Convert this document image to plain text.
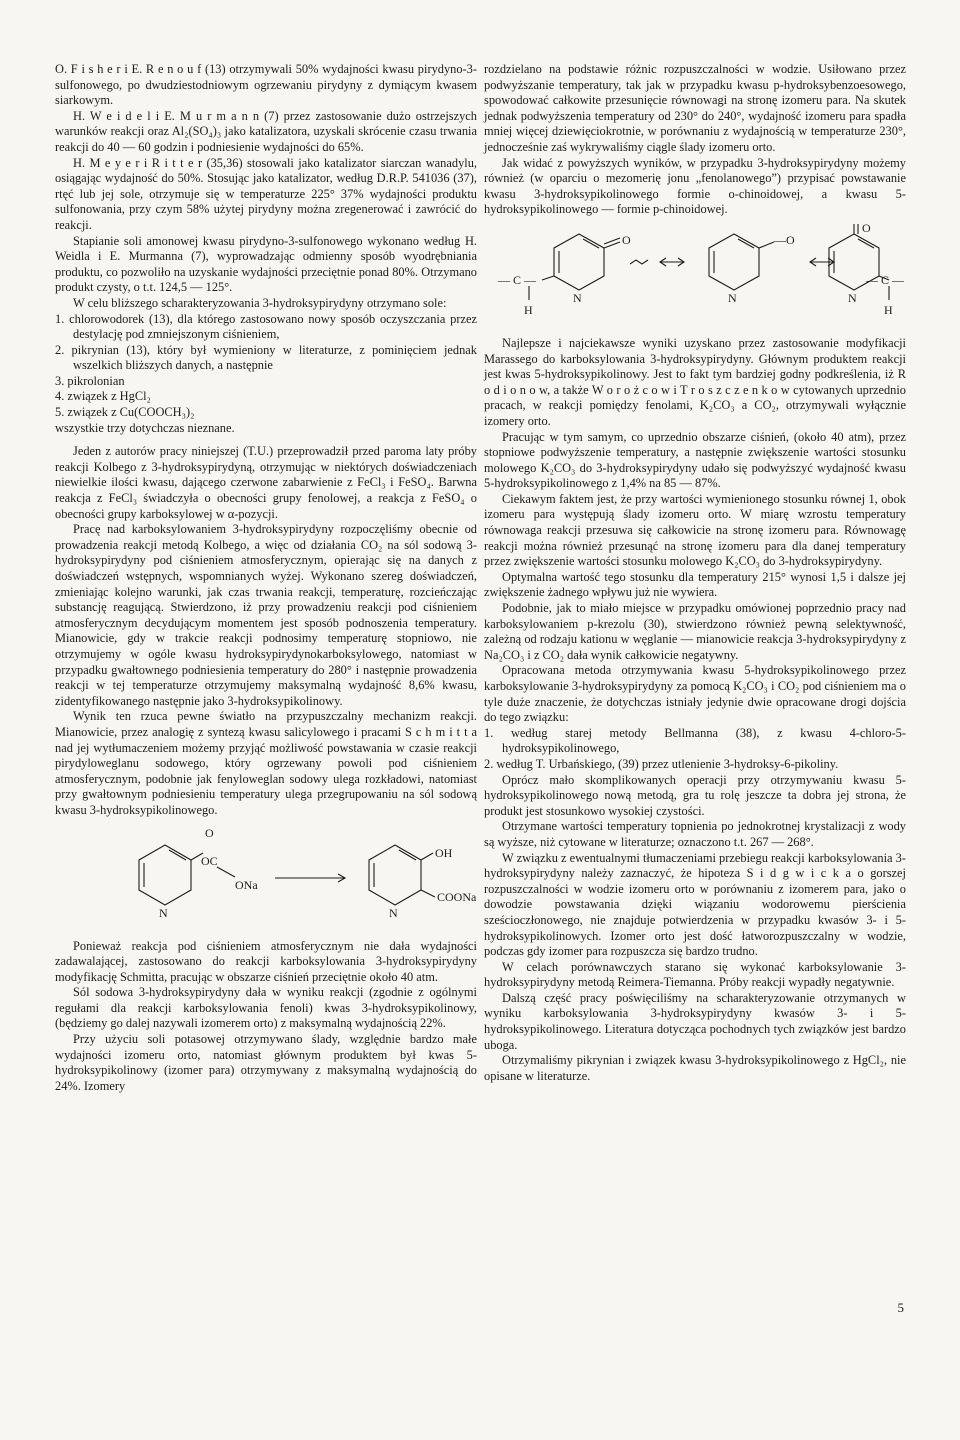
O. F i s h e r i E. R e n o u f (13) otrzymywali 50% wydajności kwasu pirydyno-3-sulfonowego, po dwudziestodniowym ogrzewaniu pirydyny z dymiącym kwasem siarkowym.

H. W e i d e l i E. M u r m a n n (7) przez zastosowanie dużo ostrzejszych warunków reakcji oraz Al₂(SO₄)₃ jako katalizatora, uzyskali skrócenie czasu trwania reakcji do 40 — 60 godzin i podniesienie wydajności do 65%.

H. M e y e r i R i t t e r (35,36) stosowali jako katalizator siarczan wanadylu, osiągając wydajność do 50%. Stosując jako katalizator, według D.R.P. 541036 (37), rtęć lub jej sole, otrzymuje się w temperaturze 225° 37% wydajności produktu sulfonowania, przy czym 58% użytej pirydyny można zregenerować i zawrócić do reakcji.

Stapianie soli amonowej kwasu pirydyno-3-sulfonowego wykonano według H. Weidla i E. Murmanna (7), wyprowadzając odmienny sposób wyodrębniania produktu, co pozwoliło na uzyskanie wydajności przeciętnie ponad 80%. Otrzymano produkt czysty, o t.t. 124,5 — 125°.

W celu bliższego scharakteryzowania 3-hydroksypirydyny otrzymano sole:

1. chlorowodorek (13), dla którego zastosowano nowy sposób oczyszczania przez destylację pod zmniejszonym ciśnieniem,

2. pikrynian (13), który był wymieniony w literaturze, z pominięciem jednak wszelkich bliższych danych, a następnie

3. pikrolonian

4. związek z HgCl₂

5. związek z Cu(COOCH₃)₂

wszystkie trzy dotychczas nieznane.

Jeden z autorów pracy niniejszej (T.U.) przeprowadził przed paroma laty próby reakcji Kolbego z 3-hydroksypirydyną, otrzymując w niektórych doświadczeniach niewielkie ilości kwasu, dającego czerwone zabarwienie z FeCl₃ i FeSO₄. Barwna reakcja z FeCl₃ świadczyła o obecności grupy fenolowej, a reakcja z FeSO₄ o obecności grupy karboksylowej w α-pozycji.

Pracę nad karboksylowaniem 3-hydroksypirydyny rozpoczęliśmy obecnie od prowadzenia reakcji metodą Kolbego, a więc od działania CO₂ na sól sodową 3-hydroksypirydyny pod ciśnieniem atmosferycznym, opierając się na danych z doświadczeń wstępnych, wspomnianych wyżej. Wykonano szereg doświadczeń, zmieniając kolejno warunki, jak czas trwania reakcji, temperaturę, rozcieńczając substancję reagującą. Stwierdzono, iż przy prowadzeniu reakcji pod ciśnieniem atmosferycznym decydującym momentem jest sposób podnoszenia temperatury. Mianowicie, gdy w trakcie reakcji podnosimy temperaturę stopniowo, nie otrzymujemy w ogóle kwasu hydroksypirydynokarboksylowego, natomiast w przypadku gwałtownego podniesienia temperatury do 280° i następnie prowadzenia reakcji w tej temperaturze otrzymujemy maksymalną wydajność 8,6% kwasu, zidentyfikowanego następnie jako 3-hydroksypikolinowy.

Wynik ten rzuca pewne światło na przypuszczalny mechanizm reakcji. Mianowicie, przez analogię z syntezą kwasu salicylowego i pracami S c h m i t t a nad jej wytłumaczeniem możemy przyjąć możliwość powstawania w czasie reakcji pirydyloweglanu sodowego, który ogrzewany powoli pod ciśnieniem atmosferycznym, podobnie jak fenyloweglan sodowy ulega rozkładowi, natomiast przy gwałtownym podniesieniu temperatury ulega przegrupowaniu na sól sodową kwasu 3-hydroksypikolinowego.

O
OC
ONa
N
OH
COONa
N

Ponieważ reakcja pod ciśnieniem atmosferycznym nie dała wydajności zadawalającej, zastosowano do reakcji karboksylowania 3-hydroksypirydyny modyfikację Schmitta, pracując w obszarze ciśnień przeciętnie około 40 atm.

Sól sodowa 3-hydroksypirydyny dała w wyniku reakcji (zgodnie z ogólnymi regułami dla reakcji karboksylowania fenoli) kwas 3-hydroksypikolinowy, (będziemy go dalej nazywali izomerem orto) z maksymalną wydajnością 22%.

Przy użyciu soli potasowej otrzymywano ślady, względnie bardzo małe wydajności izomeru orto, natomiast głównym produktem był kwas 5-hydroksypikolinowy (izomer para) otrzymywany z maksymalną wydajnością do 24%. Izomery

rozdzielano na podstawie różnic rozpuszczalności w wodzie. Usiłowano przez podwyższanie temperatury, tak jak w przypadku kwasu p-hydroksybenzoesowego, spowodować całkowite przesunięcie równowagi na stronę izomeru para. Na skutek jednak podwyższenia temperatury od 230° do 240°, wydajność izomeru para spadła mniej więcej dziewięciokrotnie, w porównaniu z wydajnością w temperaturze 230°, jednocześnie zaś wykrywaliśmy ciągle ślady izomeru orto.

Jak widać z powyższych wyników, w przypadku 3-hydroksypirydyny możemy również (w oparciu o mezomerię jonu „fenolanowego”) przypisać powstawanie kwasu 3-hydroksypikolinowego formie o-chinoidowej, a kwasu 5-hydroksypikolinowego — formie p-chinoidowej.

O	—O
O
— C —	— C —
H	H
N	N	N

Najlepsze i najciekawsze wyniki uzyskano przez zastosowanie modyfikacji Marassego do karboksylowania 3-hydroksypirydyny. Głównym produktem reakcji jest kwas 5-hydroksypikolinowy. Jest to fakt tym bardziej godny podkreślenia, iż R o d i o n o w, a także W o r o ż c o w i T r o s z c z e n k o w cytowanych uprzednio pracach, w reakcji pomiędzy fenolami, K₂CO₃ a CO₂, otrzymywali wyłącznie izomery orto.

Pracując w tym samym, co uprzednio obszarze ciśnień, (około 40 atm), przez stopniowe podwyższenie temperatury, a następnie zwiększenie wartości stosunku molowego K₂CO₃ do 3-hydroksypirydyny udało się podwyższyć wydajność kwasu 5-hydroksypikolinowego z 1,4% na 85 — 87%.

Ciekawym faktem jest, że przy wartości wymienionego stosunku równej 1, obok izomeru para występują ślady izomeru orto. W miarę wzrostu temperatury równowaga reakcji przesuwa się całkowicie na stronę izomeru para. Równowagę reakcji można również przesunąć na stronę izomeru para dla danej temperatury przez zwiększenie wartości stosunku molowego K₂CO₃ do 3-hydroksypirydyny.

Optymalna wartość tego stosunku dla temperatury 215° wynosi 1,5 i dalsze jej zwiększenie żadnego wpływu już nie wywiera.

Podobnie, jak to miało miejsce w przypadku omówionej poprzednio pracy nad karboksylowaniem p-krezolu (30), stwierdzono również pewną selektywność, zależną od rodzaju kationu w węglanie — mianowicie reakcja 3-hydroksypirydyny z Na₂CO₃ i z CO₂ dała wynik całkowicie negatywny.

Opracowana metoda otrzymywania kwasu 5-hydroksypikolinowego przez karboksylowanie 3-hydroksypirydyny za pomocą K₂CO₃ i CO₂ pod ciśnieniem ma o tyle duże znaczenie, że dotychczas istniały jedynie dwie opracowane drogi dojścia do tego związku:

1. według starej metody Bellmanna (38), z kwasu 4-chloro-5-hydroksypikolinowego,

2. według T. Urbańskiego, (39) przez utlenienie 3-hydroksy-6-pikoliny.

Oprócz mało skomplikowanych operacji przy otrzymywaniu kwasu 5-hydroksypikolinowego nową metodą, gra tu rolę jeszcze ta dobra jej strona, że produkt jest stosunkowo wysokiej czystości.

Otrzymane wartości temperatury topnienia po jednokrotnej krystalizacji z wody są wyższe, niż cytowane w literaturze; oznaczono t.t. 267 — 268°.

W związku z ewentualnymi tłumaczeniami przebiegu reakcji karboksylowania 3-hydroksypirydyny należy zaznaczyć, że hipoteza S i d g w i c k a o gorszej rozpuszczalności w wodzie izomeru orto w porównaniu z izomerem para, jako o dowodzie powstawania dzięki wiązaniu wodorowemu pierścienia sześcioczłonowego, nie znajduje potwierdzenia w przypadku kwasów 3- i 5-hydroksypikolinowych. Izomer orto jest dość łatworozpuszczalny w wodzie, podczas gdy izomer para rozpuszcza się bardzo trudno.

W celach porównawczych starano się wykonać karboksylowanie 3-hydroksypirydyny metodą Reimera-Tiemanna. Próby reakcji wypadły negatywnie.

Dalszą część pracy poświęciliśmy na scharakteryzowanie otrzymanych w wyniku karboksylowania 3-hydroksypirydyny kwasów 3- i 5-hydroksypikolinowego. Literatura dotycząca pochodnych tych związków jest bardzo uboga.

Otrzymaliśmy pikrynian i związek kwasu 3-hydroksypikolinowego z HgCl₂, nie opisane w literaturze.

5
